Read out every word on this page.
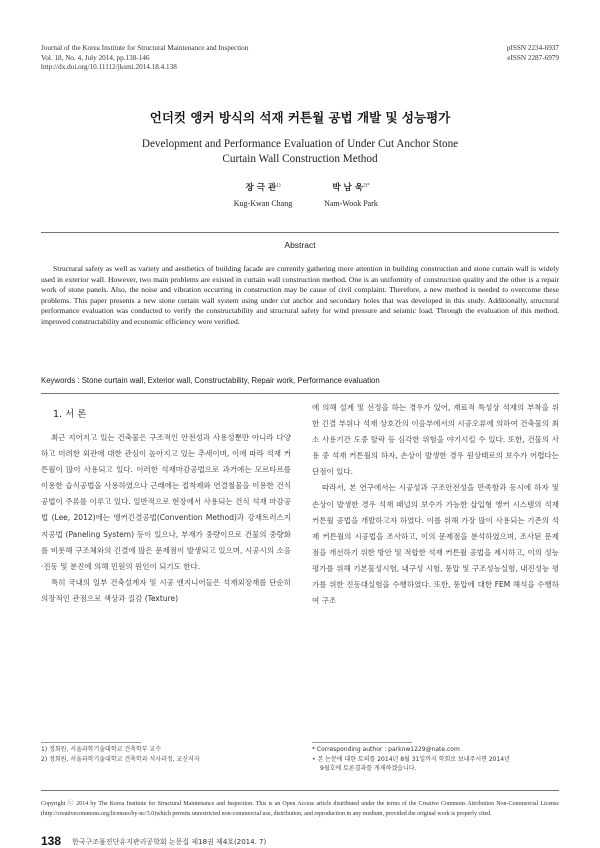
Journal of the Korea Institute for Structural Maintenance and Inspection
Vol. 18, No. 4, July 2014, pp.138-146
http://dx.doi.org/10.11112/jksmi.2014.18.4.138
pISSN 2234-6937
eISSN 2287-6979
언더컷 앵커 방식의 석재 커튼월 공법 개발 및 성능평가
Development and Performance Evaluation of Under Cut Anchor Stone
Curtain Wall Construction Method
장 극 관$^{1)}$
Kug-Kwan Chang
박 남 욱$^{2)*}$
Nam-Wook Park
Abstract
Structural safety as well as variety and aesthetics of building facade are currently gathering more attention in building construction and stone curtain wall is widely used in exterior wall. However, two main problems are existed in curtain wall construction method. One is an uniformity of construction quality and the other is a repair work of stone panels. Also, the noise and vibration occurring in construction may be cause of civil complaint. Therefore, a new method is needed to overcome these problems. This paper presents a new stone curtain wall system using under cut anchor and secondary holes that was developed in this study. Additionally, structural performance evaluation was conducted to verify the constructability and structural safety for wind pressure and seismic load. Through the evaluation of this method, improved constructability and economic efficiency were verified.
Keywords : Stone curtain wall, Exterior wall, Constructability, Repair work, Performance evaluation
1. 서 론

최근 지어지고 있는 건축물은 구조적인 안전성과 사용성뿐만 아니라 다양하고 미려한 외관에 대한 관심이 높아지고 있는 추세이며, 이에 따라 석재 커튼월이 많이 사용되고 있다. 이러한 석재마감공법으로 과거에는 모르타르를 이용한 습식공법을 사용하였으나 근래에는 접착제와 연결철물을 이용한 건식공법이 주류를 이루고 있다. 일반적으로 현장에서 사용되는 건식 석재 마감공법 (Lee, 2012)에는 앵커긴결공법(Convention Method)과 강재트러스지지공법 (Paneling System) 등이 있으나, 부재가 중량이므로 건물의 중량화를 비롯해 구조체와의 긴결에 많은 문제점이 발생되고 있으며, 시공시의 소음·진동 및 분진에 의해 민원의 원인이 되기도 한다.

특히 국내의 일부 건축설계자 및 시공 엔지니어들은 석재외장재를 단순히 의장적인 관점으로 색상과 질감 (Texture)

에 의해 설계 및 선정을 하는 경우가 있어, 재료적 특성상 석재의 부착을 위한 긴결 부위나 석재 상호간의 이음부에서의 시공오류에 의하여 건축물의 최소 사용기간 도중 탈락 등 심각한 위험을 야기시킬 수 있다. 또한, 건물의 사용 중 석재 커튼월의 하자, 손상이 발생한 경우 원상태로의 보수가 어렵다는 단점이 있다.

따라서, 본 연구에서는 시공성과 구조안전성을 만족함과 동시에 하자 및 손상이 발생한 경우 석재 패널의 보수가 가능한 삽입형 앵커 시스템의 석재 커튼월 공법을 개발하고자 하였다. 이를 위해 가장 많이 사용되는 기존의 석재 커튼월의 시공법을 조사하고, 이의 문제점을 분석하였으며, 조사된 문제점을 개선하기 위한 방안 및 적합한 석재 커튼월 공법을 제시하고, 이의 성능평가를 위해 기본물성시험, 내구성 시험, 풍압 및 구조성능실험, 내진성능 평가를 위한 진동대실험을 수행하였다. 또한, 풍압에 대한 FEM 해석을 수행하여 구조

1) 정회원, 서울과학기술대학교 건축학부 교수
2) 정회원, 서울과학기술대학교 건축학과 석사과정, 교신저자
* Corresponding author : parknw1229@nate.com
• 본 논문에 대한 토의를 2014년 8월 31일까지 학회로 보내주시면 2014년
9월호에 토론결과를 게재하겠습니다.
Copyright ⓒ 2014 by The Korea Institute for Structural Maintenance and Inspection. This is an Open Access article distributed under the terms of the Creative Commons Attribution Non-Commercial License (http://creativecommons.org/licenses/by-nc/3.0)which permits unrestricted non-commercial use, distribution, and reproduction in any medium, provided the original work is properly cited.
138 한국구조물진단유지관리공학회 논문집 제18권 제4호(2014. 7)
